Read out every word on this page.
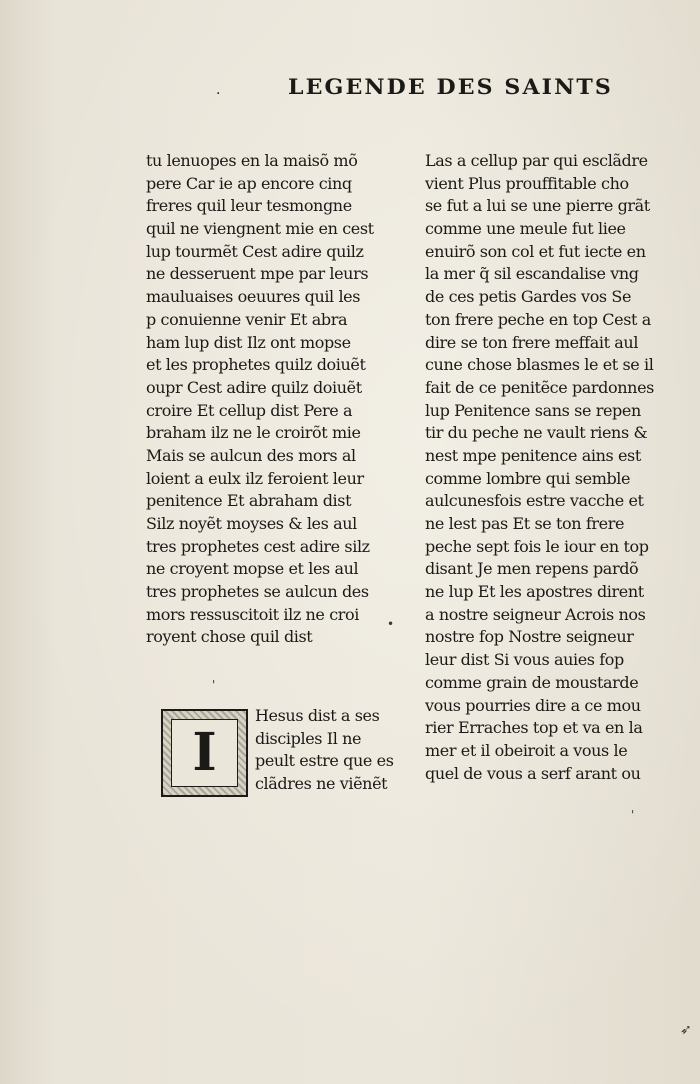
.	LEGENDE DES SAINTS
tu lenuopes en la maisõ mõ
pere Car ie ap encore cinq
freres quil leur tesmongne
quil ne viengnent mie en cest
lup tourmẽt Cest adire quilz
ne desseruent mpe par leurs
mauluaises oeuures quil les
p conuienne venir Et abra
ham lup dist Ilz ont mopse
et les prophetes quilz doiuẽt
oupr Cest adire quilz doiuẽt
croire Et cellup dist Pere a
braham ilz ne le croirõt mie
Mais se aulcun des mors al
loient a eulx ilz feroient leur
penitence Et abraham dist
Silz noyẽt moyses & les aul
tres prophetes cest adire silz
ne croyent mopse et les aul
tres prophetes se aulcun des
mors ressuscitoit ilz ne croi
royent chose quil dist
I
Hesus dist a ses
disciples Il ne
peult estre que es
clãdres ne viẽnẽt
Las a cellup par qui esclãdre
vient Plus prouffitable cho
se fut a lui se une pierre grãt
comme une meule fut liee
enuirõ son col et fut iecte en
la mer q̃ sil escandalise vng
de ces petis Gardes vos Se
ton frere peche en top Cest a
dire se ton frere meffait aul
cune chose blasmes le et se il
fait de ce penitẽce pardonnes
lup Penitence sans se repen
tir du peche ne vault riens &
nest mpe penitence ains est
comme lombre qui semble
aulcunesfois estre vacche et
ne lest pas Et se ton frere
peche sept fois le iour en top
disant Je men repens pardõ
ne lup Et les apostres dirent
a nostre seigneur Acrois nos
nostre fop Nostre seigneur
leur dist Si vous auies fop
comme grain de moustarde
vous pourries dire a ce mou
rier Erraches top et va en la
mer et il obeiroit a vous le
quel de vous a serf arant ou
•
'
'
➶
